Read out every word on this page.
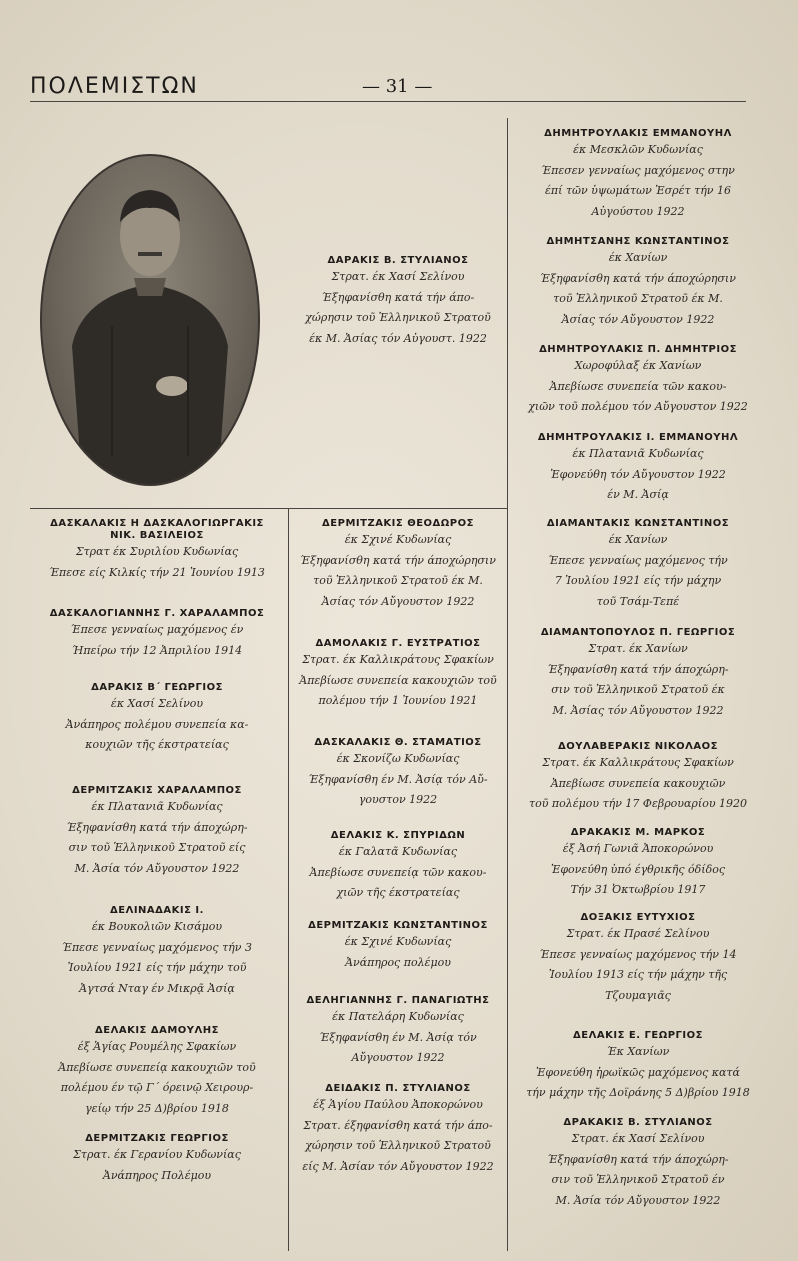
ΠΟΛΕΜΙΣΤΩΝ	— 31 —
ΔΑΡΑΚΙΣ Β. ΣΤΥΛΙΑΝΟΣ
Στρατ. έκ Χασί Σελίνου
Έξηφανίσθη κατά τήν άπο-
χώρησιν τοῦ Ἑλληνικοῦ Στρατοῦ
έκ Μ. Ἀσίας τόν Αὐγουστ. 1922
ΔΑΣΚΑΛΑΚΙΣ Η ΔΑΣΚΑΛΟΓΙΩΡΓΑΚΙΣ
ΝΙΚ. ΒΑΣΙΛΕΙΟΣ
Στρατ έκ Συριλίου Κυδωνίας
Έπεσε είς Κιλκίς τήν 21 Ἰουνίου 1913
ΔΑΣΚΑΛΟΓΙΑΝΝΗΣ Γ. ΧΑΡΑΛΑΜΠΟΣ
Έπεσε γενναίως μαχόμενος έν
Ήπείρω τήν 12 Ἀπριλίου 1914
ΔΑΡΑΚΙΣ Β΄ ΓΕΩΡΓΙΟΣ
έκ Χασί Σελίνου
Ἀνάπηρος πολέμου συνεπεία κα-
κουχιῶν τῆς έκστρατείας
ΔΕΡΜΙΤΖΑΚΙΣ ΧΑΡΑΛΑΜΠΟΣ
έκ Πλατανιᾶ Κυδωνίας
Έξηφανίσθη κατά τήν άποχώρη-
σιν τοῦ Ἑλληνικοῦ Στρατοῦ είς
Μ. Ἀσία τόν Αὔγουστον 1922
ΔΕΛΙΝΑΔΑΚΙΣ Ι.
έκ Βουκολιῶν Κισάμου
Έπεσε γενναίως μαχόμενος τήν 3
Ἰουλίου 1921 είς τήν μάχην τοῦ
Ἀγτσά Νταγ έν Μικρᾷ Ἀσίᾳ
ΔΕΛΑΚΙΣ ΔΑΜΟΥΛΗΣ
έξ Ἁγίας Ρουμέλης Σφακίων
Ἀπεβίωσε συνεπείᾳ κακουχιῶν τοῦ
πολέμου έν τῷ Γ΄ όρεινῷ Χειρουρ-
γείῳ τήν 25 Δ)βρίου 1918
ΔΕΡΜΙΤΖΑΚΙΣ ΓΕΩΡΓΙΟΣ
Στρατ. έκ Γερανίου Κυδωνίας
Ἀνάπηρος Πολέμου
ΔΕΡΜΙΤΖΑΚΙΣ ΘΕΟΔΩΡΟΣ
έκ Σχινέ Κυδωνίας
Έξηφανίσθη κατά τήν άποχώρησιν
τοῦ Ἑλληνικοῦ Στρατοῦ έκ Μ.
Ἀσίας τόν Αὔγουστον 1922
ΔΑΜΟΛΑΚΙΣ Γ. ΕΥΣΤΡΑΤΙΟΣ
Στρατ. έκ Καλλικράτους Σφακίων
Ἀπεβίωσε συνεπεία κακουχιῶν τοῦ
πολέμου τήν 1 Ἰουνίου 1921
ΔΑΣΚΑΛΑΚΙΣ Θ. ΣΤΑΜΑΤΙΟΣ
έκ Σκονίζω Κυδωνίας
Έξηφανίσθη έν Μ. Ἀσίᾳ τόν Αὔ-
γουστον 1922
ΔΕΛΑΚΙΣ Κ. ΣΠΥΡΙΔΩΝ
έκ Γαλατᾶ Κυδωνίας
Ἀπεβίωσε συνεπείᾳ τῶν κακου-
χιῶν τῆς έκστρατείας
ΔΕΡΜΙΤΖΑΚΙΣ ΚΩΝΣΤΑΝΤΙΝΟΣ
έκ Σχινέ Κυδωνίας
Ἀνάπηρος πολέμου
ΔΕΛΗΓΙΑΝΝΗΣ Γ. ΠΑΝΑΓΙΩΤΗΣ
έκ Πατελάρη Κυδωνίας
Έξηφανίσθη έν Μ. Ἀσίᾳ τόν
Αὔγουστον 1922
ΔΕΙΔΑΚΙΣ Π. ΣΤΥΛΙΑΝΟΣ
έξ Ἁγίου Παύλου Ἀποκορώνου
Στρατ. έξηφανίσθη κατά τήν άπο-
χώρησιν τοῦ Ἑλληνικοῦ Στρατοῦ
είς Μ. Ἀσίαν τόν Αὔγουστον 1922
ΔΗΜΗΤΡΟΥΛΑΚΙΣ ΕΜΜΑΝΟΥΗΛ
έκ Μεσκλῶν Κυδωνίας
Έπεσεν γενναίως μαχόμενος στην
έπί τῶν ὑψωμάτων Ἐσρέτ τήν 16
Αὐγούστου 1922
ΔΗΜΗΤΣΑΝΗΣ ΚΩΝΣΤΑΝΤΙΝΟΣ
έκ Χανίων
Έξηφανίσθη κατά τήν άποχώρησιν
τοῦ Ἑλληνικοῦ Στρατοῦ έκ Μ.
Ἀσίας τόν Αὔγουστον 1922
ΔΗΜΗΤΡΟΥΛΑΚΙΣ Π. ΔΗΜΗΤΡΙΟΣ
Χωροφύλαξ έκ Χανίων
Ἀπεβίωσε συνεπεία τῶν κακου-
χιῶν τοῦ πολέμου τόν Αὔγουστον 1922
ΔΗΜΗΤΡΟΥΛΑΚΙΣ Ι. ΕΜΜΑΝΟΥΗΛ
έκ Πλατανιᾶ Κυδωνίας
Ἐφονεύθη τόν Αὔγουστον 1922
έν Μ. Ἀσίᾳ
ΔΙΑΜΑΝΤΑΚΙΣ ΚΩΝΣΤΑΝΤΙΝΟΣ
έκ Χανίων
Έπεσε γενναίως μαχόμενος τήν
7 Ἰουλίου 1921 είς τήν μάχην
τοῦ Τσάμ-Τεπέ
ΔΙΑΜΑΝΤΟΠΟΥΛΟΣ Π. ΓΕΩΡΓΙΟΣ
Στρατ. έκ Χανίων
Έξηφανίσθη κατά τήν άποχώρη-
σιν τοῦ Ἑλληνικοῦ Στρατοῦ έκ
Μ. Ἀσίας τόν Αὔγουστον 1922
ΔΟΥΛΑΒΕΡΑΚΙΣ ΝΙΚΟΛΑΟΣ
Στρατ. έκ Καλλικράτους Σφακίων
Ἀπεβίωσε συνεπεία κακουχιῶν
τοῦ πολέμου τήν 17 Φεβρουαρίου 1920
ΔΡΑΚΑΚΙΣ Μ. ΜΑΡΚΟΣ
έξ Ἀσή Γωνιᾶ Ἀποκορώνου
Ἐφονεύθη ὑπό έγθρικῆς όδίδος
Τήν 31 Ὀκτωβρίου 1917
ΔΟΞΑΚΙΣ ΕΥΤΥΧΙΟΣ
Στρατ. έκ Πρασέ Σελίνου
Έπεσε γενναίως μαχόμενος τήν 14
Ἰουλίου 1913 είς τήν μάχην τῆς
Τζουμαγιᾶς
ΔΕΛΑΚΙΣ Ε. ΓΕΩΡΓΙΟΣ
Έκ Χανίων
Ἐφονεύθη ἡρωϊκῶς μαχόμενος κατά
τήν μάχην τῆς Δοϊράνης 5 Δ)βρίου 1918
ΔΡΑΚΑΚΙΣ Β. ΣΤΥΛΙΑΝΟΣ
Στρατ. έκ Χασί Σελίνου
Έξηφανίσθη κατά τήν άποχώρη-
σιν τοῦ Ἑλληνικοῦ Στρατοῦ έν
Μ. Ἀσία τόν Αὔγουστον 1922
